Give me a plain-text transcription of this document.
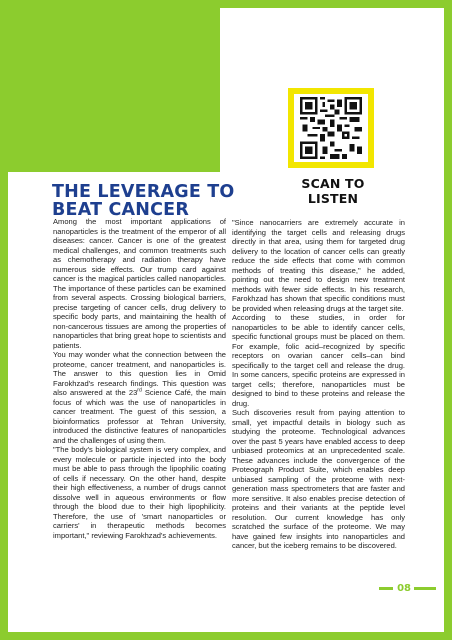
SCAN TO LISTEN
THE LEVERAGE TO
BEAT CANCER

Among the most important applications of nanoparticles is the treatment of the emperor of all diseases: cancer. Cancer is one of the greatest medical challenges, and common treatments such as chemotherapy and radiation therapy have numerous side effects. Our trump card against cancer is the magical particles called nanoparticles. The importance of these particles can be examined from several aspects. Crossing biological barriers, precise targeting of cancer cells, drug delivery to specific body parts, and maintaining the health of non-cancerous tissues are among the properties of nanoparticles that bring great hope to scientists and patients.

You may wonder what the connection between the proteome, cancer treatment, and nanoparticles is. The answer to this question lies in Omid Farokhzad's research findings. This question was also answered at the 23rd Science Café, the main focus of which was the use of nanoparticles in cancer treatment. The guest of this session, a bioinformatics professor at Tehran University, introduced the distinctive features of nanoparticles and the challenges of using them.

"The body's biological system is very complex, and every molecule or particle injected into the body must be able to pass through the lipophilic coating of cells if necessary. On the other hand, despite their high effectiveness, a number of drugs cannot dissolve well in aqueous environments or flow through the blood due to their high lipophilicity. Therefore, the use of 'smart nanoparticles or carriers' in therapeutic methods becomes important," reviewing Farokhzad's achievements.

"Since nanocarriers are extremely accurate in identifying the target cells and releasing drugs directly in that area, using them for targeted drug delivery to the location of cancer cells can greatly reduce the side effects that come with common methods of treating this disease," he added, pointing out the need to design new treatment methods with fewer side effects. In his research, Farokhzad has shown that specific conditions must be provided when releasing drugs at the target site.

According to these studies, in order for nanoparticles to be able to identify cancer cells, specific functional groups must be placed on them. For example, folic acid–recognized by specific receptors on ovarian cancer cells–can bind specifically to the target cell and release the drug. In some cancers, specific proteins are expressed in target cells; therefore, nanoparticles must be designed to bind to these proteins and release the drug.

Such discoveries result from paying attention to small, yet impactful details in biology such as studying the proteome. Technological advances over the past 5 years have enabled access to deep unbiased proteomics at an unprecedented scale. These advances include the convergence of the Proteograph Product Suite, which enables deep unbiased sampling of the proteome with next-generation mass spectrometers that are faster and more sensitive. It also enables precise detection of proteins and their variants at the peptide level resolution. Our current knowledge has only scratched the surface of the proteome. We may have gained few insights into nanoparticles and cancer, but the iceberg remains to be discovered.

08
